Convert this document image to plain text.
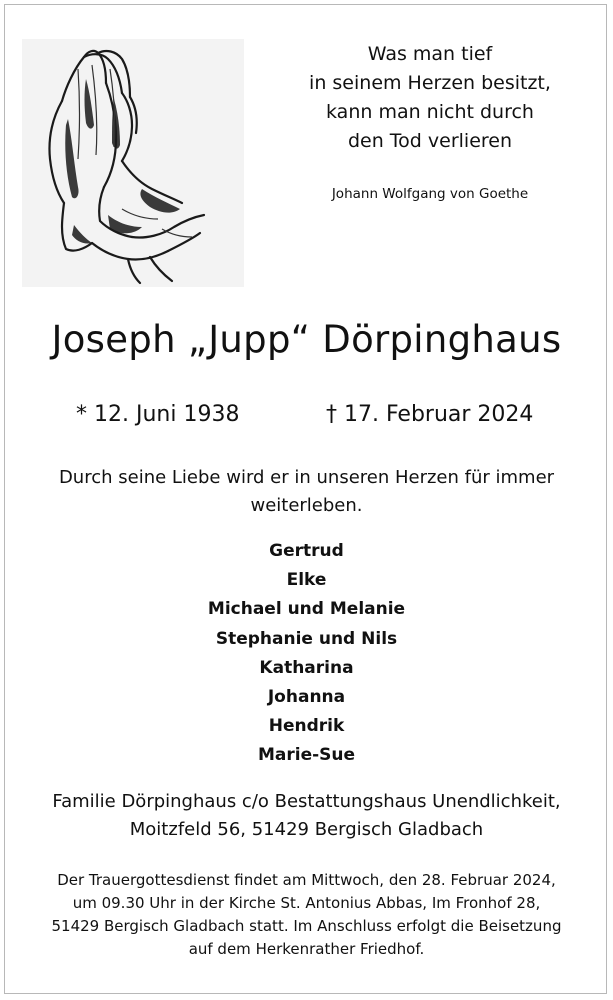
Was man tief
in seinem Herzen besitzt,
kann man nicht durch
den Tod verlieren
Johann Wolfgang von Goethe
Joseph „Jupp“ Dörpinghaus
* 12. Juni 1938	† 17. Februar 2024
Durch seine Liebe wird er in unseren Herzen für immer weiterleben.
Gertrud
Elke
Michael und Melanie
Stephanie und Nils
Katharina
Johanna
Hendrik
Marie-Sue
Familie Dörpinghaus c/o Bestattungshaus Unendlichkeit,
Moitzfeld 56, 51429 Bergisch Gladbach
Der Trauergottesdienst findet am Mittwoch, den 28. Februar 2024,
um 09.30 Uhr in der Kirche St. Antonius Abbas, Im Fronhof 28,
51429 Bergisch Gladbach statt. Im Anschluss erfolgt die Beisetzung
auf dem Herkenrather Friedhof.
